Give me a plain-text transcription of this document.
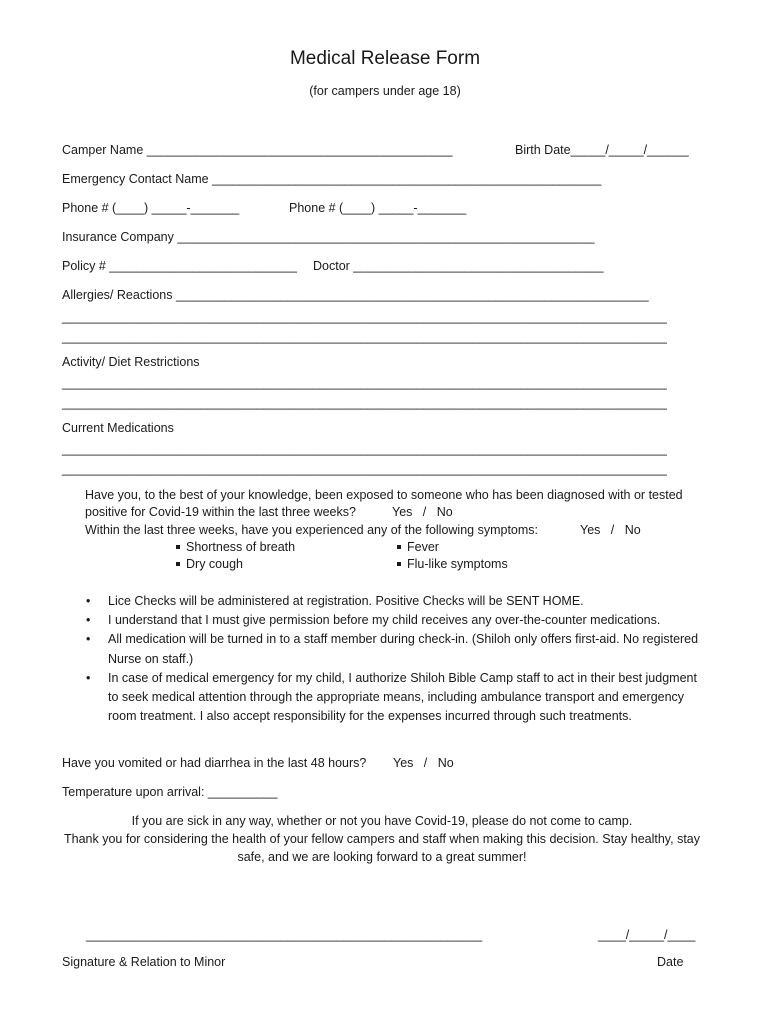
Medical Release Form
(for campers under age 18)
Camper Name ____________________________________________	Birth Date_____/_____/______
Emergency Contact Name ________________________________________________________
Phone # (____) _____-_______	Phone # (____) _____-_______
Insurance Company ____________________________________________________________
Policy # ___________________________ Doctor ____________________________________
Allergies/ Reactions ____________________________________________________________________
_______________________________________________________________________________________
_______________________________________________________________________________________
Activity/ Diet Restrictions
_______________________________________________________________________________________
_______________________________________________________________________________________
Current Medications
_______________________________________________________________________________________
_______________________________________________________________________________________
Have you, to the best of your knowledge, been exposed to someone who has been diagnosed with or tested
positive for Covid-19 within the last three weeks?	Yes   /   No
Within the last three weeks, have you experienced any of the following symptoms:	Yes   /   No
Shortness of breath
Dry cough
Fever
Flu-like symptoms
• Lice Checks will be administered at registration. Positive Checks will be SENT HOME.
• I understand that I must give permission before my child receives any over-the-counter medications.
• All medication will be turned in to a staff member during check-in. (Shiloh only offers first-aid. No registered Nurse on staff.)
• In case of medical emergency for my child, I authorize Shiloh Bible Camp staff to act in their best judgment to seek medical attention through the appropriate means, including ambulance transport and emergency room treatment. I also accept responsibility for the expenses incurred through such treatments.
Have you vomited or had diarrhea in the last 48 hours? Yes   /   No
Temperature upon arrival: __________
If you are sick in any way, whether or not you have Covid-19, please do not come to camp.
Thank you for considering the health of your fellow campers and staff when making this decision. Stay healthy, stay safe, and we are looking forward to a great summer!
_________________________________________________________	____/_____/____
Signature & Relation to Minor	Date
